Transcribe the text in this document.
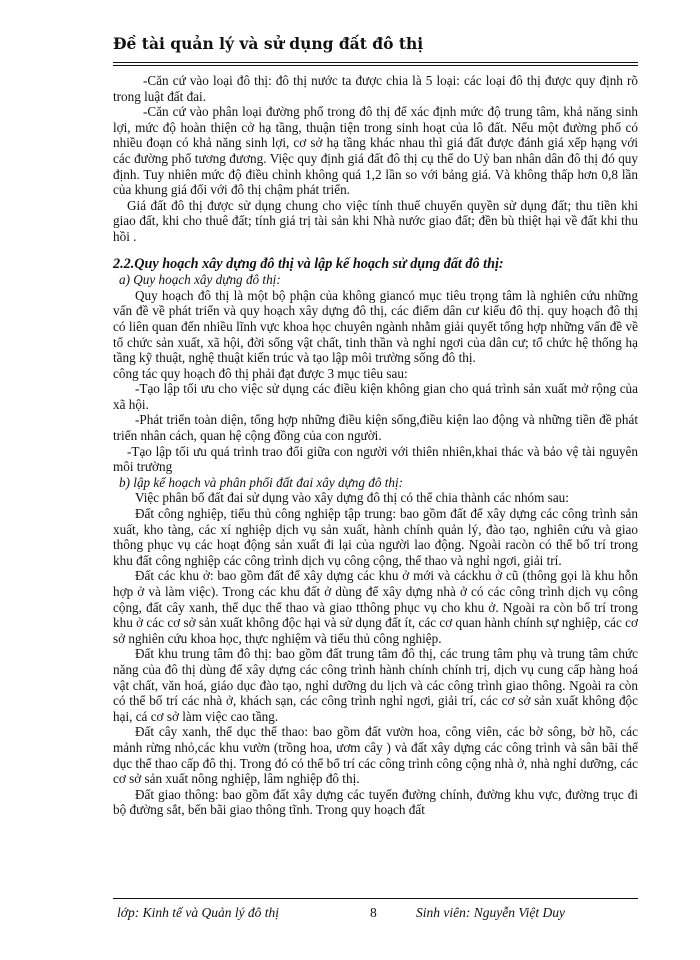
Đề tài quản lý và sử dụng đất đô thị

-Căn cứ vào loại đô thị: đô thị nước ta được chia là 5 loại: các loại đô thị được quy định rõ trong luật đất đai.

-Căn cứ vào phân loại đường phố trong đô thị để xác định mức độ trung tâm, khả năng sinh lợi, mức độ hoàn thiện cở hạ tầng, thuận tiện trong sinh hoạt của lô đất. Nếu một đường phố có nhiều đoạn có khả năng sinh lợi, cơ sở hạ tầng khác nhau thì giá đất được đánh giá xếp hạng với các đường phố tương đương. Việc quy định giá đất đô thị cụ thể do Uỷ ban nhân dân đô thị đó quy định. Tuy nhiên mức độ điều chỉnh không quá 1,2 lần so với bảng giá. Và không thấp hơn 0,8 lần của khung giá đối với đô thị chậm phát triển.

Giá đất đô thị được sử dụng chung cho việc tính thuế chuyển quyền sử dụng đất; thu tiền khi giao đất, khi cho thuê đất; tính giá trị tài sản khi Nhà nước giao đất; đền bù thiệt hại về đất khi thu hồi .

2.2.Quy hoạch xây dựng đô thị và lập kế hoạch sử dụng đất đô thị:

a) Quy hoạch xây dựng đô thị:

Quy hoạch đô thị là một bộ phận của không giancó mục tiêu trọng tâm là nghiên cứu những vấn đề về phát triển và quy hoạch xây dựng đô thị, các điểm dân cư kiểu đô thị. quy hoạch đô thị có liên quan đến nhiều lĩnh vực khoa học chuyên ngành nhằm giải quyết tổng hợp những vấn đề về tổ chức sản xuất, xã hội, đời sống vật chất, tinh thần và nghỉ ngơi của dân cư; tổ chức hệ thống hạ tầng kỹ thuật, nghệ thuật kiến trúc và tạo lập môi trường sống đô thị.

công tác quy hoạch đô thị phải đạt được 3 mục tiêu sau:

-Tạo lập tối ưu cho việc sử dụng các điều kiện không gian cho quá trình sản xuất mở rộng của xã hội.

-Phát triển toàn diện, tổng hợp những điều kiện sống,điều kiện lao động và những tiền đề phát triển nhân cách, quan hệ cộng đồng của con người.

-Tạo lập tối ưu quá trình trao đổi giữa con người với thiên nhiên,khai thác và bảo vệ tài nguyên môi trường

b) lập kế hoạch và phân phối đất đai xây dựng đô thị:

Việc phân bố đất đai sử dụng vào xây dựng đô thị có thể chia thành các nhóm sau:

Đất công nghiệp, tiểu thủ công nghiệp tập trung: bao gồm đất để xây dựng các công trình sản xuất, kho tàng, các xí nghiệp dịch vụ sản xuất, hành chính quản lý, đào tạo, nghiên cứu và giao thông phục vụ các hoạt động sản xuất đi lại của người lao động. Ngoài racòn có thể bố trí trong khu đất công nghiệp các công trình dịch vụ công cộng, thể thao và nghỉ ngơi, giải trí.

Đất các khu ở: bao gồm đất để xây dựng các khu ở mới và cáckhu ở cũ (thông gọi là khu hỗn hợp ở và làm việc). Trong các khu đất ở dùng để xây dựng nhà ở có các công trình dịch vụ công cộng, đất cây xanh, thể dục thể thao và giao tthông phục vụ cho khu ở. Ngoài ra còn bố trí trong khu ở các cơ sở sản xuất không độc hại và sử dụng đất ít, các cơ quan hành chính sự nghiệp, các cơ sở nghiên cứu khoa học, thực nghiệm và tiểu thủ công nghiệp.

Đất khu trung tâm đô thị: bao gồm đất trung tâm đô thị, các trung tâm phụ và trung tâm chức năng của đô thị dùng để xây dựng các công trình hành chính chính trị, dịch vụ cung cấp hàng hoá vật chất, văn hoá, giáo dục đào tạo, nghỉ dưỡng du lịch và các công trình giao thông. Ngoài ra còn có thể bố trí các nhà ở, khách sạn, các công trình nghỉ ngơi, giải trí, các cơ sở sản xuất không độc hại, cá cơ sở làm việc cao tầng.

Đất cây xanh, thể dục thể thao: bao gồm đất vườn hoa, công viên, các bờ sông, bờ hồ, các mảnh rừng nhỏ,các khu vườn (trồng hoa, ươm cây ) và đất xây dựng các công trình và sân bãi thể dục thể thao cấp đô thị. Trong đó có thể bố trí các công trình công cộng nhà ở, nhà nghỉ dưỡng, các cơ sở sản xuất nông nghiệp, lâm nghiệp đô thị.

Đất giao thông: bao gồm đất xây dựng các tuyến đường chính, đường khu vực, đường trục đi bộ đường sắt, bến bãi giao thông tĩnh. Trong quy hoạch đất

lớp: Kinh tế và Quản lý đô thị	8	Sinh viên: Nguyễn Việt Duy
